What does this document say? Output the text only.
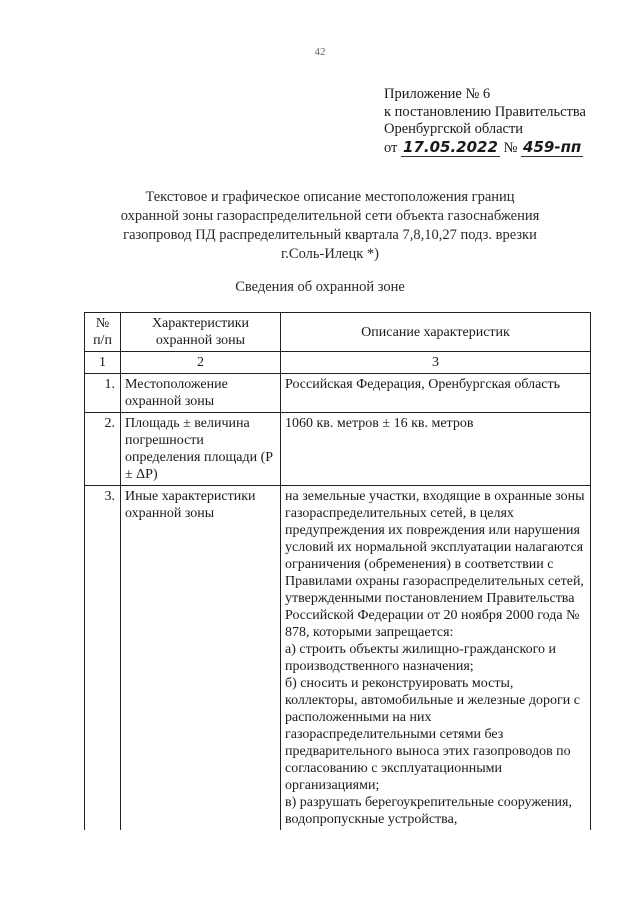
42
Приложение № 6
к постановлению Правительства
Оренбургской области
от 17.05.2022 № 459-пп
Текстовое и графическое описание местоположения границ
охранной зоны газораспределительной сети объекта газоснабжения
газопровод ПД распределительный квартала 7,8,10,27 подз. врезки
г.Соль-Илецк *)
Сведения об охранной зоне
№ п/п	Характеристики охранной зоны	Описание характеристик
1	2	3
1.	Местоположение охранной зоны	Российская Федерация, Оренбургская область
2.	Площадь ± величина погрешности определения площади (Р ± ΔР)	1060 кв. метров ± 16 кв. метров
3.	Иные характеристики охранной зоны	на земельные участки, входящие в охранные зоны газораспределительных сетей, в целях предупреждения их повреждения или нарушения условий их нормальной эксплуатации налагаются ограничения (обременения) в соответствии с Правилами охраны газораспределительных сетей, утвержденными постановлением Правительства Российской Федерации от 20 ноября 2000 года № 878, которыми запрещается:
а) строить объекты жилищно-гражданского и производственного назначения;
б) сносить и реконструировать мосты, коллекторы, автомобильные и железные дороги с расположенными на них газораспределительными сетями без предварительного выноса этих газопроводов по согласованию с эксплуатационными организациями;
в) разрушать берегоукрепительные сооружения, водопропускные устройства,
